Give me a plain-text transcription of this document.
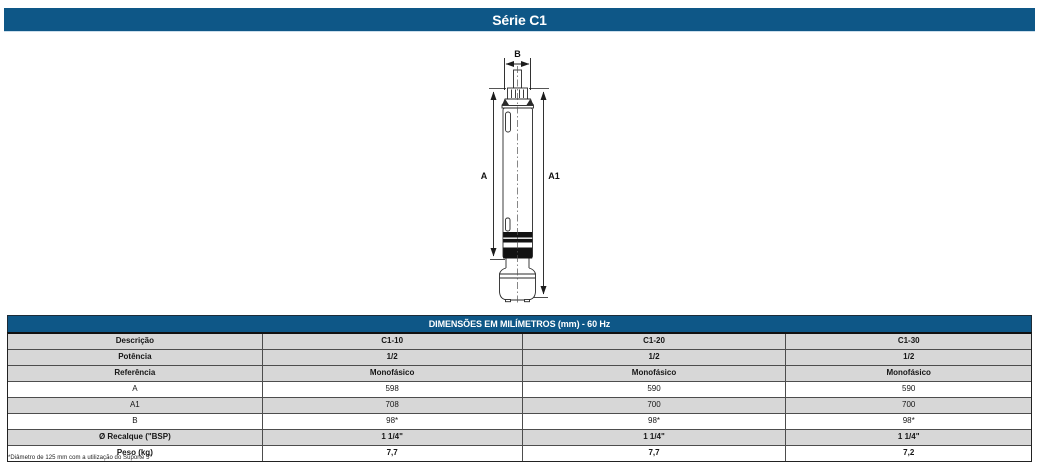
Série C1
B
A	A1
DIMENSÕES EM MILÍMETROS (mm) - 60 Hz
Descrição	C1-10	C1-20	C1-30
Potência	1/2	1/2	1/2
Referência	Monofásico	Monofásico	Monofásico
A	598	590	590
A1	708	700	700
B	98*	98*	98*
Ø Recalque ("BSP)	1 1/4"	1 1/4"	1 1/4"
Peso (kg)	7,7	7,7	7,2
*Diâmetro de 125 mm com a utilização do Suporte 5"
